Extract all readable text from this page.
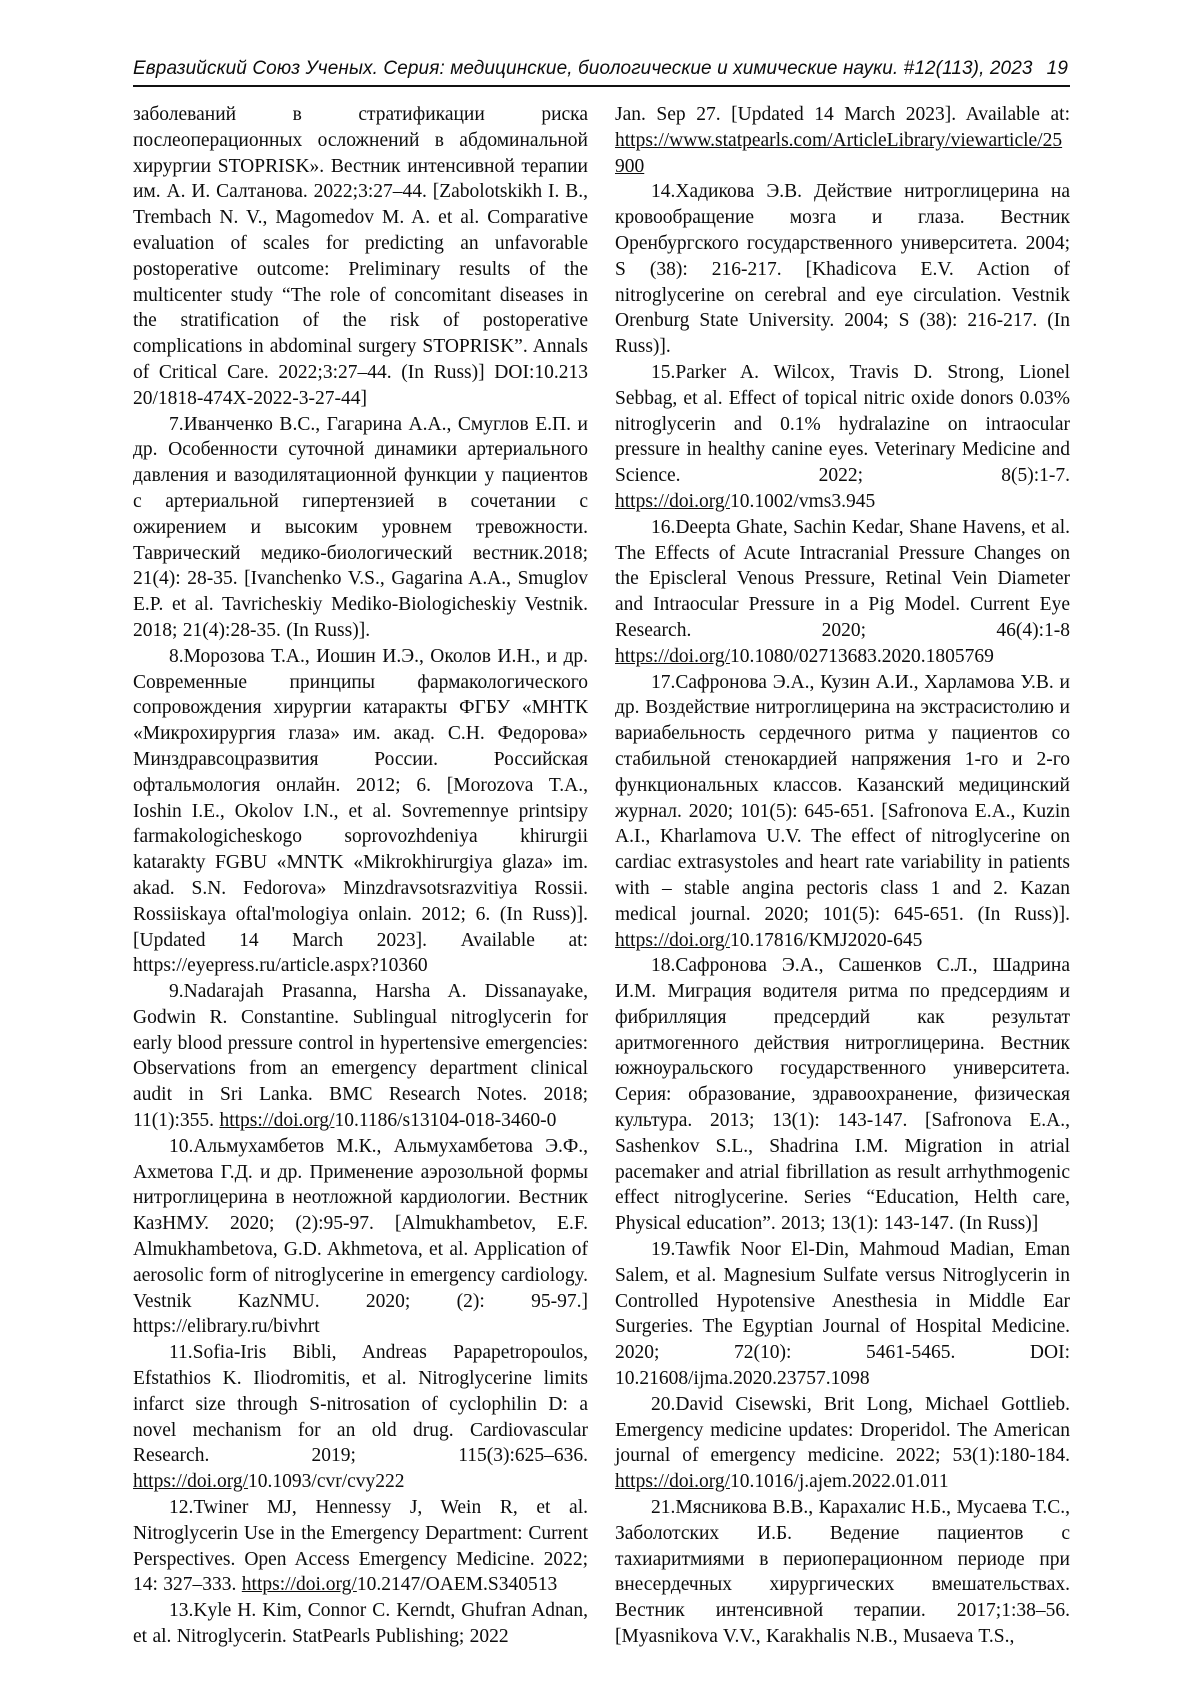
Евразийский Союз Ученых. Серия: медицинские, биологические и химические науки. #12(113), 2023 19

заболеваний в стратификации риска послеоперационных осложнений в абдоминальной хирургии STOPRISK». Вестник интенсивной терапии им. А. И. Салтанова. 2022;3:27–44. [Zabolotskikh I. B., Trembach N. V., Magomedov M. A. et al. Comparative evaluation of scales for predicting an unfavorable postoperative outcome: Preliminary results of the multicenter study “The role of concomitant diseases in the stratification of the risk of postoperative complications in abdominal surgery STOPRISK”. Annals of Critical Care. 2022;3:27–44. (In Russ)] DOI:10.213 20/1818-474X-2022-3-27-44]

7.Иванченко В.С., Гагарина А.А., Смуглов Е.П. и др. Особенности суточной динамики артериального давления и вазодилятационной функции у пациентов с артериальной гипертензией в сочетании с ожирением и высоким уровнем тревожности. Таврический медико-биологический вестник.2018; 21(4): 28-35. [Ivanchenko V.S., Gagarina A.A., Smuglov E.P. et al. Tavricheskiy Mediko-Biologicheskiy Vestnik. 2018; 21(4):28-35. (In Russ)].

8.Морозова Т.А., Иошин И.Э., Околов И.Н., и др. Современные принципы фармакологического сопровождения хирургии катаракты ФГБУ «МНТК «Микрохирургия глаза» им. акад. С.Н. Федорова» Минздравсоцразвития России. Российская офтальмология онлайн. 2012; 6. [Morozova T.A., Ioshin I.E., Okolov I.N., et al. Sovremennye printsipy farmakologicheskogo soprovozhdeniya khirurgii katarakty FGBU «MNTK «Mikrokhirurgiya glaza» im. akad. S.N. Fedorova» Minzdravsotsrazvitiya Rossii. Rossiiskaya oftal'mologiya onlain. 2012; 6. (In Russ)]. [Updated 14 March 2023]. Available at: https://eyepress.ru/article.aspx?10360

9.Nadarajah Prasanna, Harsha A. Dissanayake, Godwin R. Constantine. Sublingual nitroglycerin for early blood pressure control in hypertensive emergencies: Observations from an emergency department clinical audit in Sri Lanka. BMC Research Notes. 2018; 11(1):355. https://doi.org/10.1186/s13104-018-3460-0

10.Альмухамбетов М.К., Альмухамбетова Э.Ф., Ахметова Г.Д. и др. Применение аэрозольной формы нитроглицерина в неотложной кардиологии. Вестник КазНМУ. 2020; (2):95-97. [Almukhambetov, E.F. Almukhambetova, G.D. Akhmetova, et al. Application of aerosolic form of nitroglycerine in emergency cardiology. Vestnik KazNMU. 2020; (2): 95-97.] https://elibrary.ru/bivhrt

11.Sofia-Iris Bibli, Andreas Papapetropoulos, Efstathios K. Iliodromitis, et al. Nitroglycerine limits infarct size through S-nitrosation of cyclophilin D: a novel mechanism for an old drug. Cardiovascular Research. 2019; 115(3):625–636. https://doi.org/10.1093/cvr/cvy222

12.Twiner MJ, Hennessy J, Wein R, et al. Nitroglycerin Use in the Emergency Department: Current Perspectives. Open Access Emergency Medicine. 2022; 14: 327–333. https://doi.org/10.2147/OAEM.S340513

13.Kyle H. Kim, Connor C. Kerndt, Ghufran Adnan, et al. Nitroglycerin. StatPearls Publishing; 2022

Jan. Sep 27. [Updated 14 March 2023]. Available at: https://www.statpearls.com/ArticleLibrary/viewarticle/25900

14.Хадикова Э.В. Действие нитроглицерина на кровообращение мозга и глаза. Вестник Оренбургского государственного университета. 2004; S (38): 216-217. [Khadicova E.V. Action of nitroglycerine on cerebral and eye circulation. Vestnik Orenburg State University. 2004; S (38): 216-217. (In Russ)].

15.Parker A. Wilcox, Travis D. Strong, Lionel Sebbag, et al. Effect of topical nitric oxide donors 0.03% nitroglycerin and 0.1% hydralazine on intraocular pressure in healthy canine eyes. Veterinary Medicine and Science. 2022; 8(5):1-7. https://doi.org/10.1002/vms3.945

16.Deepta Ghate, Sachin Kedar, Shane Havens, et al. The Effects of Acute Intracranial Pressure Changes on the Episcleral Venous Pressure, Retinal Vein Diameter and Intraocular Pressure in a Pig Model. Current Eye Research. 2020; 46(4):1-8 https://doi.org/10.1080/02713683.2020.1805769

17.Сафронова Э.А., Кузин А.И., Харламова У.В. и др. Воздействие нитроглицерина на экстрасистолию и вариабельность сердечного ритма у пациентов со стабильной стенокардией напряжения 1-го и 2-го функциональных классов. Казанский медицинский журнал. 2020; 101(5): 645-651. [Safronova E.A., Kuzin A.I., Kharlamova U.V. The effect of nitroglycerine on cardiac extrasystoles and heart rate variability in patients with – stable angina pectoris class 1 and 2. Kazan medical journal. 2020; 101(5): 645-651. (In Russ)]. https://doi.org/10.17816/KMJ2020-645

18.Сафронова Э.А., Сашенков С.Л., Шадрина И.М. Миграция водителя ритма по предсердиям и фибрилляция предсердий как результат аритмогенного действия нитроглицерина. Вестник южноуральского государственного университета. Серия: образование, здравоохранение, физическая культура. 2013; 13(1): 143-147. [Safronova E.A., Sashenkov S.L., Shadrina I.M. Migration in atrial pacemaker and atrial fibrillation as result arrhythmogenic effect nitroglycerine. Series “Education, Helth care, Physical education”. 2013; 13(1): 143-147. (In Russ)]

19.Tawfik Noor El-Din, Mahmoud Madian, Eman Salem, et al. Magnesium Sulfate versus Nitroglycerin in Controlled Hypotensive Anesthesia in Middle Ear Surgeries. The Egyptian Journal of Hospital Medicine. 2020; 72(10): 5461-5465. DOI: 10.21608/ijma.2020.23757.1098

20.David Cisewski, Brit Long, Michael Gottlieb. Emergency medicine updates: Droperidol. The American journal of emergency medicine. 2022; 53(1):180-184. https://doi.org/10.1016/j.ajem.2022.01.011

21.Мясникова В.В., Карахалис Н.Б., Мусаева Т.С., Заболотских И.Б. Ведение пациентов с тахиаритмиями в периоперационном периоде при внесердечных хирургических вмешательствах. Вестник интенсивной терапии. 2017;1:38–56. [Myasnikova V.V., Karakhalis N.B., Musaeva T.S.,
